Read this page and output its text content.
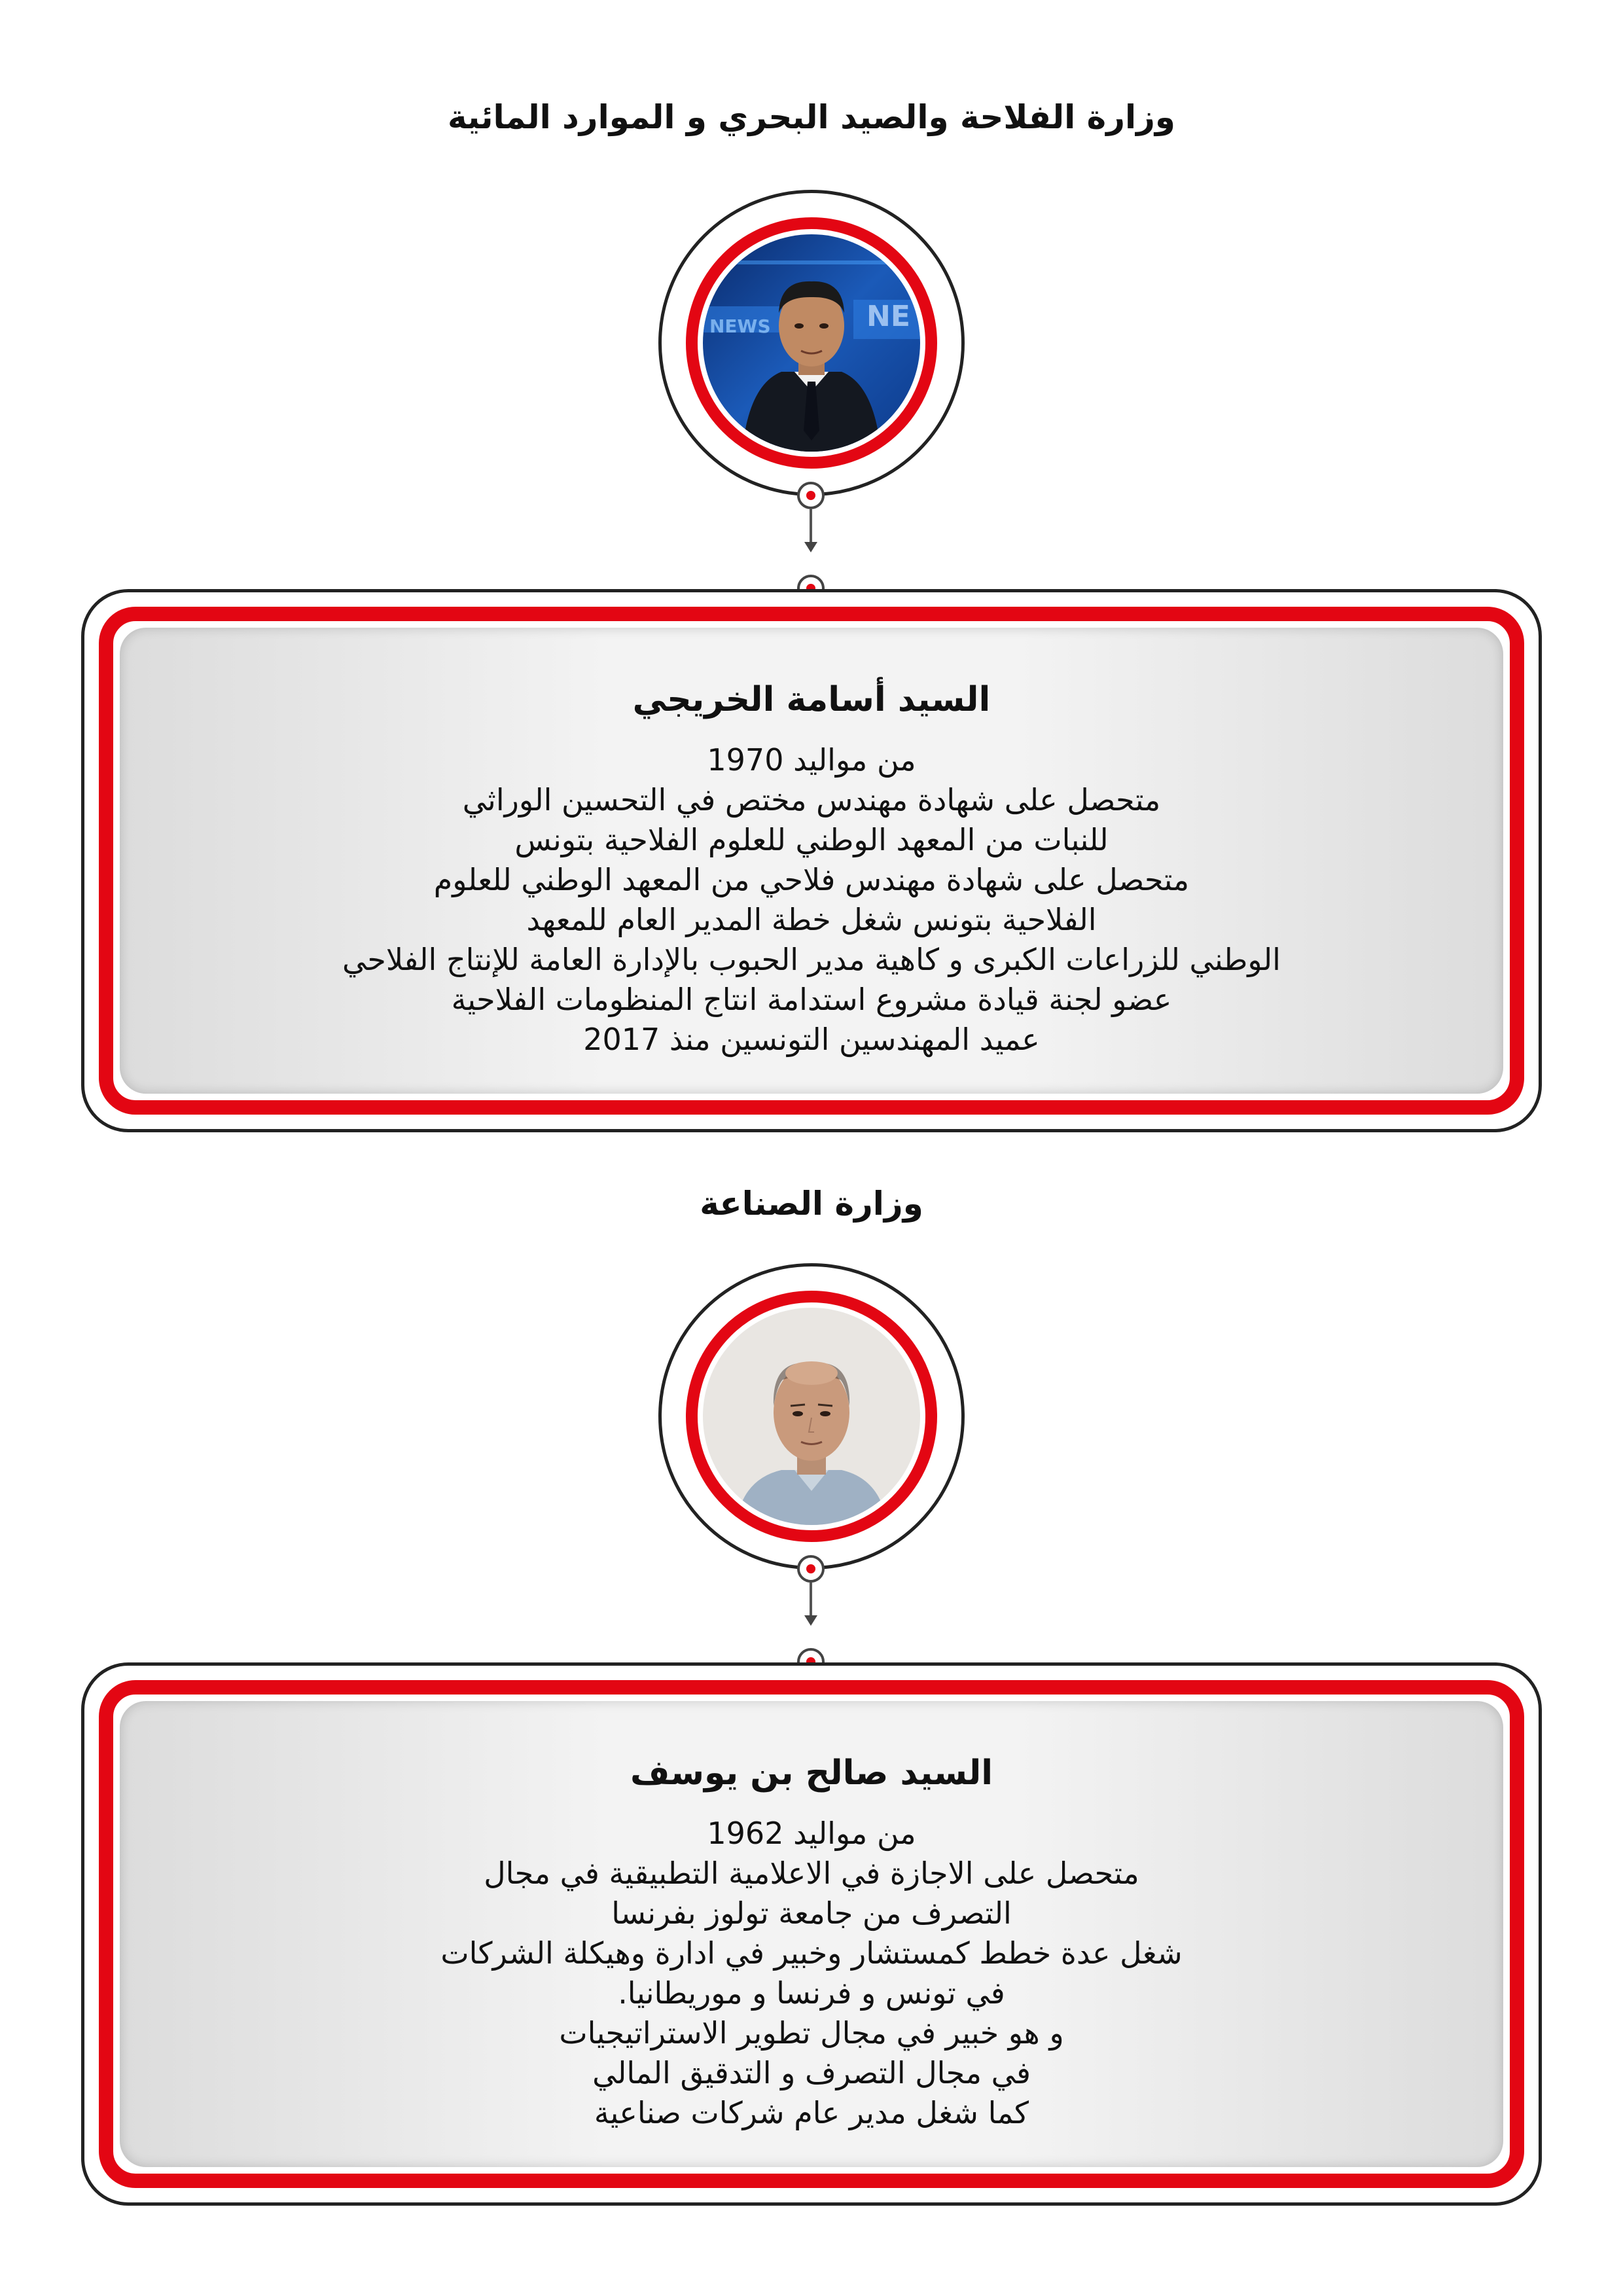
وزارة الفلاحة والصيد البحري و الموارد المائية
NEWS	NE
السيد أسامة الخريجي
من مواليد 1970
متحصل على شهادة مهندس مختص في التحسين الوراثي
للنبات من المعهد الوطني للعلوم الفلاحية بتونس
متحصل على شهادة مهندس فلاحي من المعهد الوطني للعلوم
الفلاحية بتونس شغل خطة المدير العام للمعهد
الوطني للزراعات الكبرى و كاهية مدير الحبوب بالإدارة العامة للإنتاج الفلاحي
عضو لجنة قيادة مشروع استدامة انتاج المنظومات الفلاحية
عميد المهندسين التونسين منذ 2017
وزارة الصناعة
السيد صالح بن يوسف
من مواليد 1962
متحصل على الاجازة في الاعلامية التطبيقية في مجال
التصرف من جامعة تولوز بفرنسا
شغل عدة خطط كمستشار وخبير في ادارة وهيكلة الشركات
في تونس و فرنسا و موريطانيا.
و هو خبير في مجال تطوير الاستراتيجيات
في مجال التصرف و التدقيق المالي
كما شغل مدير عام شركات صناعية
